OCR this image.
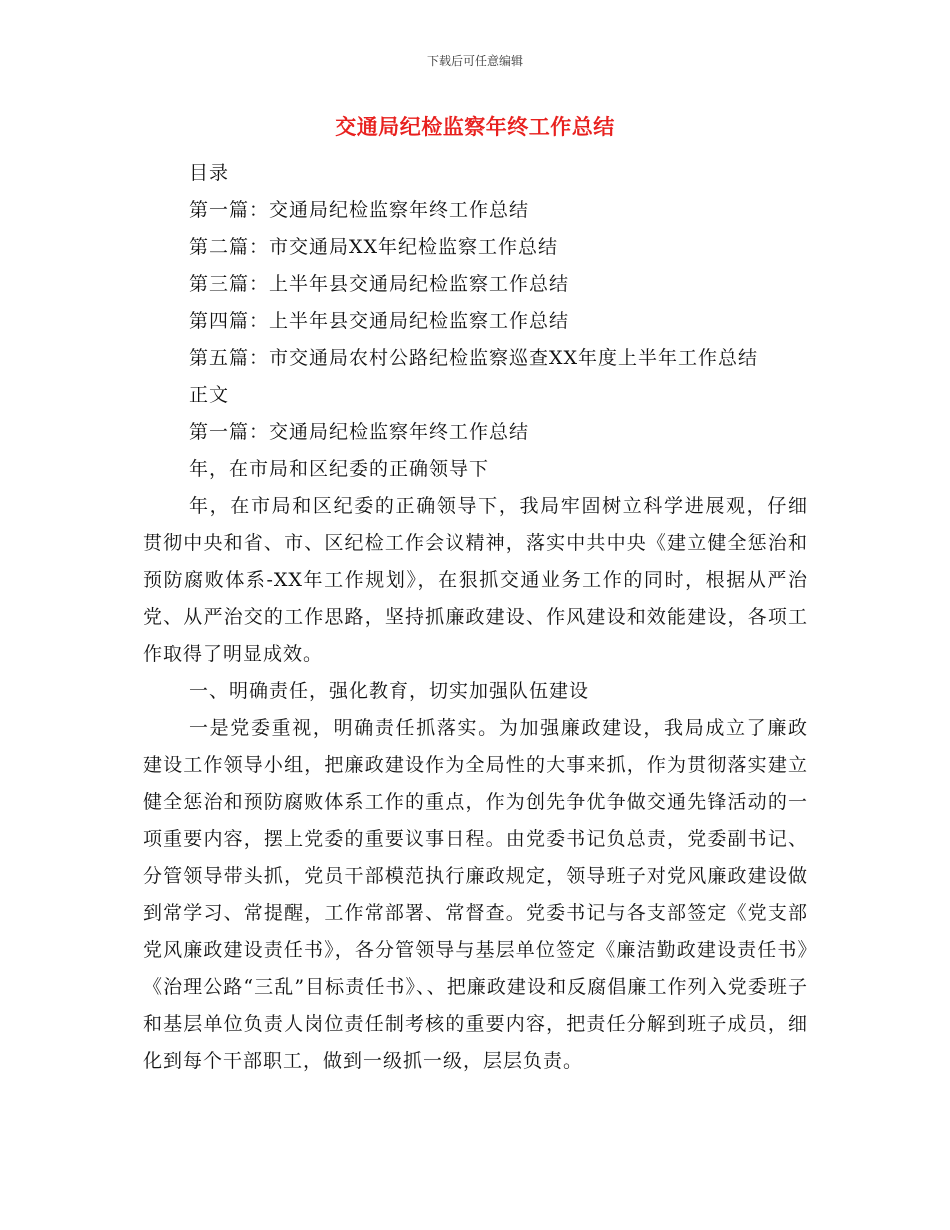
下载后可任意编辑
交通局纪检监察年终工作总结

目录

第一篇：交通局纪检监察年终工作总结

第二篇：市交通局XX年纪检监察工作总结

第三篇：上半年县交通局纪检监察工作总结

第四篇：上半年县交通局纪检监察工作总结

第五篇：市交通局农村公路纪检监察巡查XX年度上半年工作总结

正文

第一篇：交通局纪检监察年终工作总结

年，在市局和区纪委的正确领导下

年，在市局和区纪委的正确领导下，我局牢固树立科学进展观，仔细贯彻中央和省、市、区纪检工作会议精神，落实中共中央《建立健全惩治和预防腐败体系-XX年工作规划》，在狠抓交通业务工作的同时，根据从严治党、从严治交的工作思路，坚持抓廉政建设、作风建设和效能建设，各项工作取得了明显成效。

一、明确责任，强化教育，切实加强队伍建设

一是党委重视，明确责任抓落实。为加强廉政建设，我局成立了廉政建设工作领导小组，把廉政建设作为全局性的大事来抓，作为贯彻落实建立健全惩治和预防腐败体系工作的重点，作为创先争优争做交通先锋活动的一项重要内容，摆上党委的重要议事日程。由党委书记负总责，党委副书记、分管领导带头抓，党员干部模范执行廉政规定，领导班子对党风廉政建设做到常学习、常提醒，工作常部署、常督查。党委书记与各支部签定《党支部党风廉政建设责任书》，各分管领导与基层单位签定《廉洁勤政建设责任书》《治理公路“三乱”目标责任书》、、把廉政建设和反腐倡廉工作列入党委班子和基层单位负责人岗位责任制考核的重要内容，把责任分解到班子成员，细化到每个干部职工，做到一级抓一级，层层负责。
